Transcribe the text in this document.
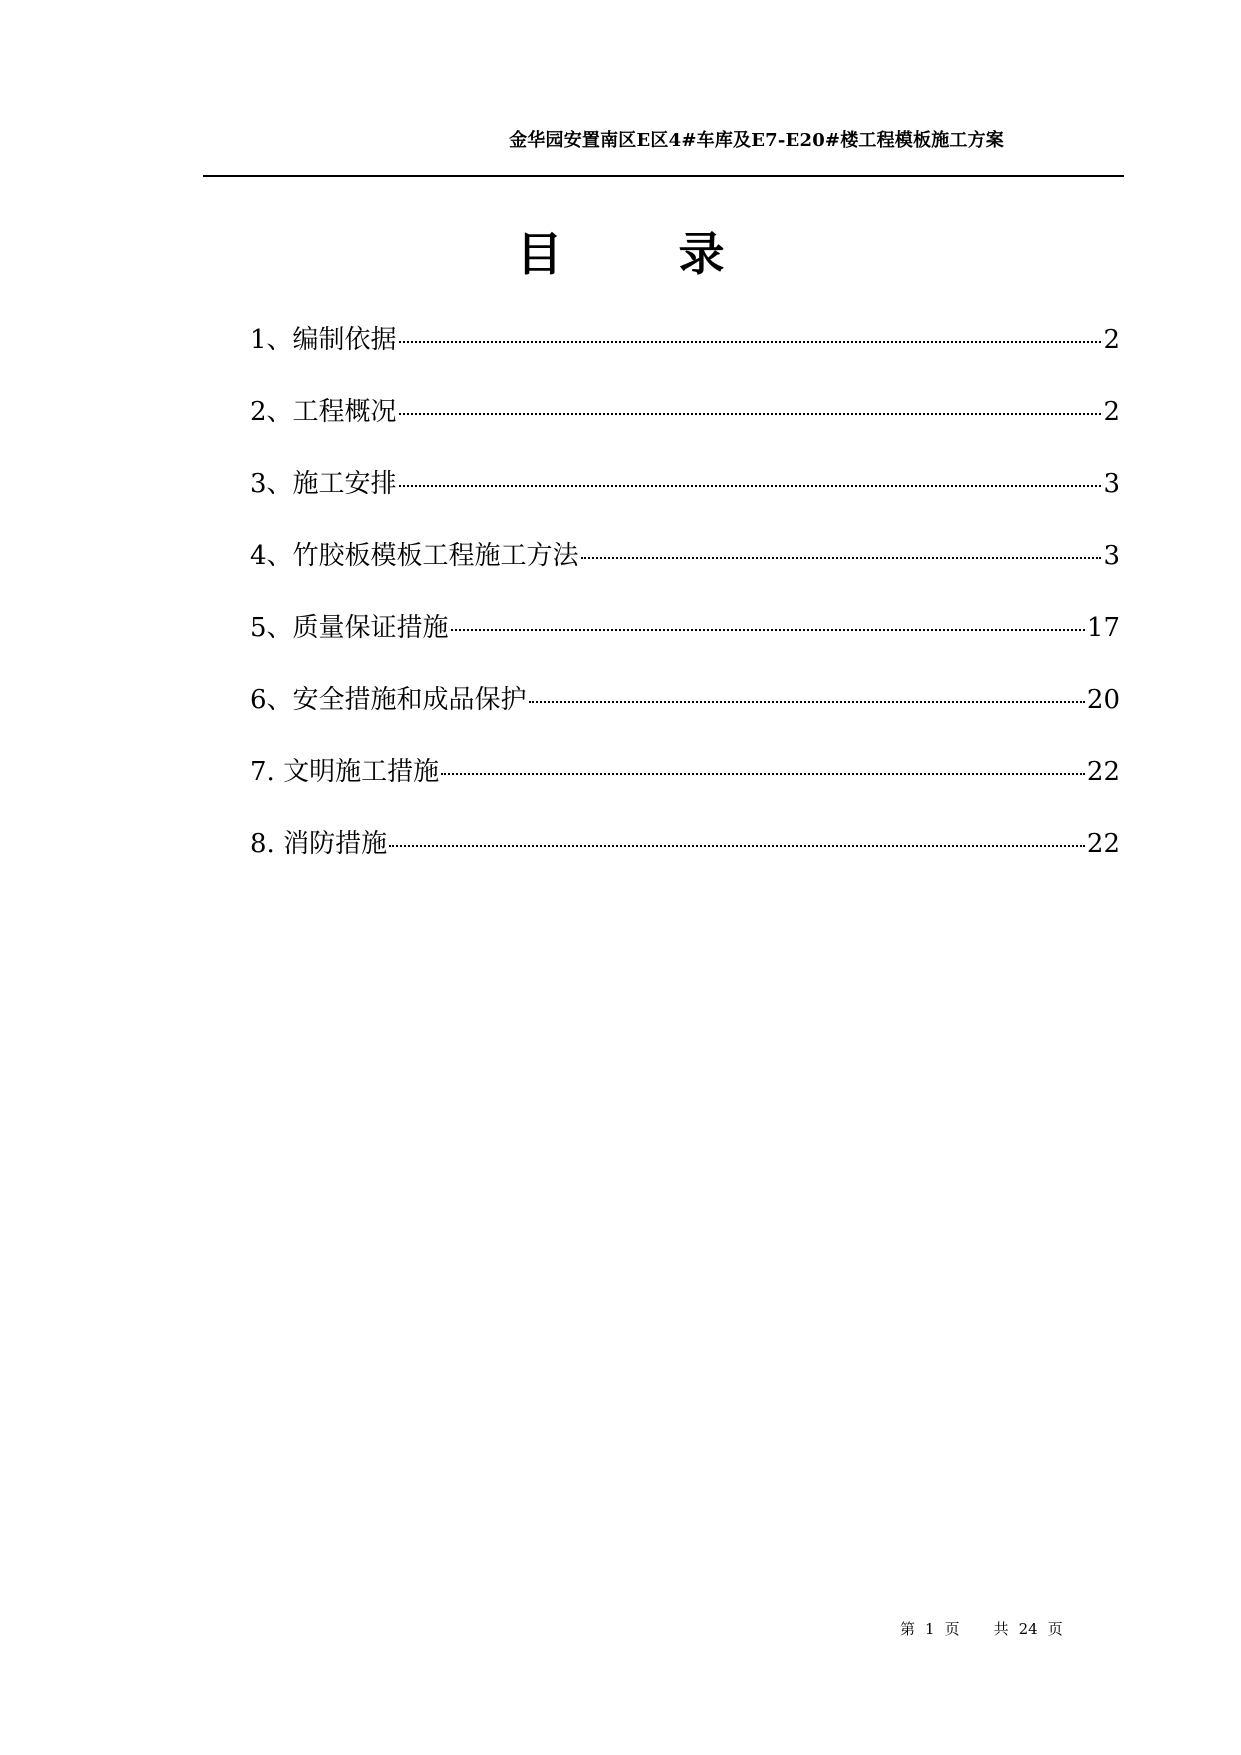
金华园安置南区E区4#车库及E7-E20#楼工程模板施工方案
目 录
1、编制依据	2
2、工程概况	2
3、施工安排	3
4、竹胶板模板工程施工方法	3
5、质量保证措施	17
6、安全措施和成品保护	20
7. 文明施工措施	22
8. 消防措施	22
第 1 页 共 24 页
